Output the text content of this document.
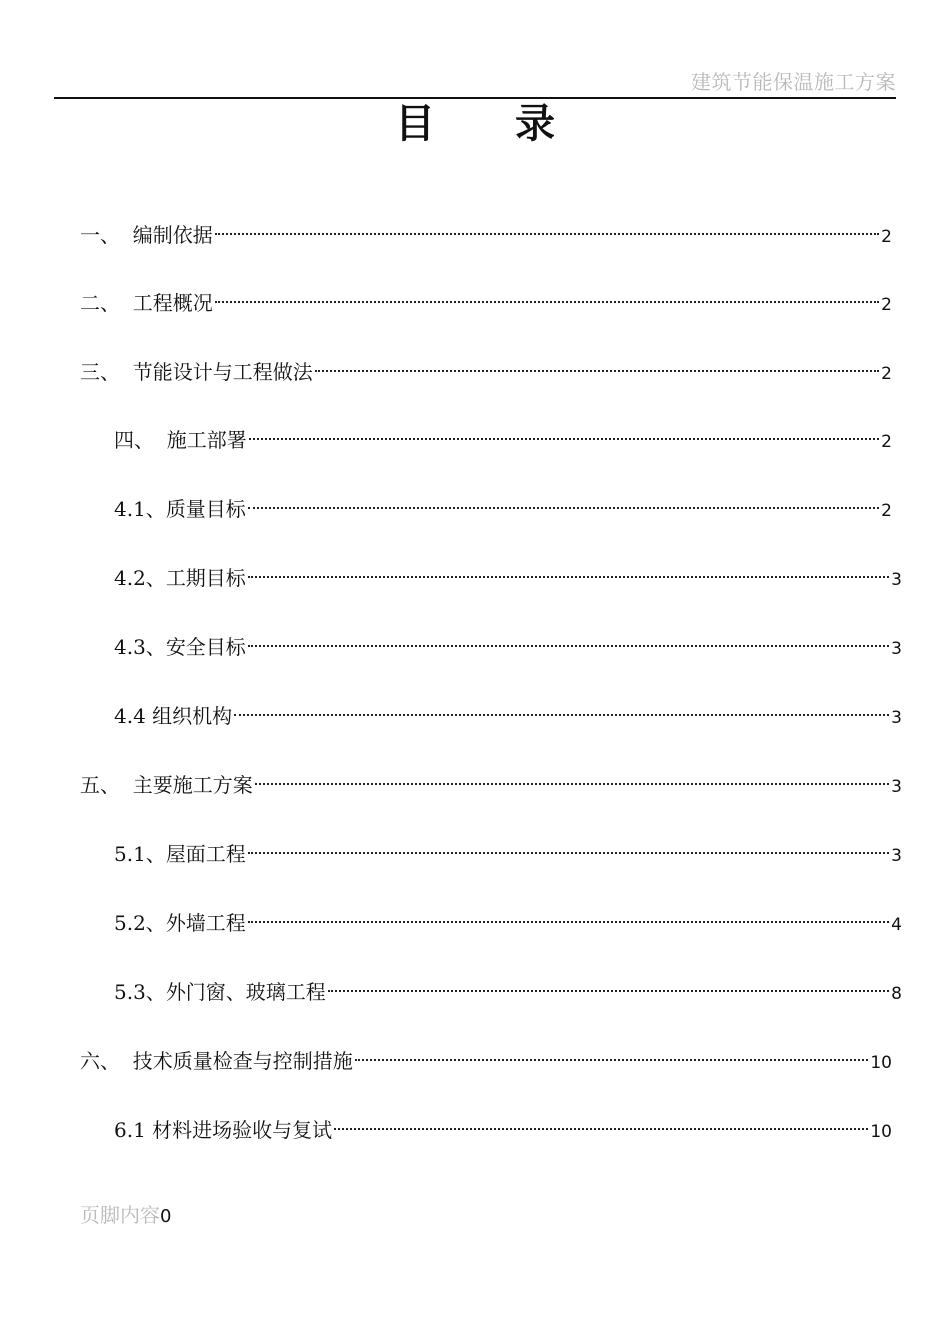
建筑节能保温施工方案
目 录
一、 编制依据	2
二、 工程概况	2
三、 节能设计与工程做法	2
四、 施工部署	2
4.1、 质量目标	2
4.2、 工期目标	3
4.3、 安全目标	3
4.4 组织机构	3
五、 主要施工方案	3
5.1、 屋面工程	3
5.2、 外墙工程	4
5.3、 外门窗、玻璃工程	8
六、 技术质量检查与控制措施	10
6.1 材料进场验收与复试	10
页脚内容0
